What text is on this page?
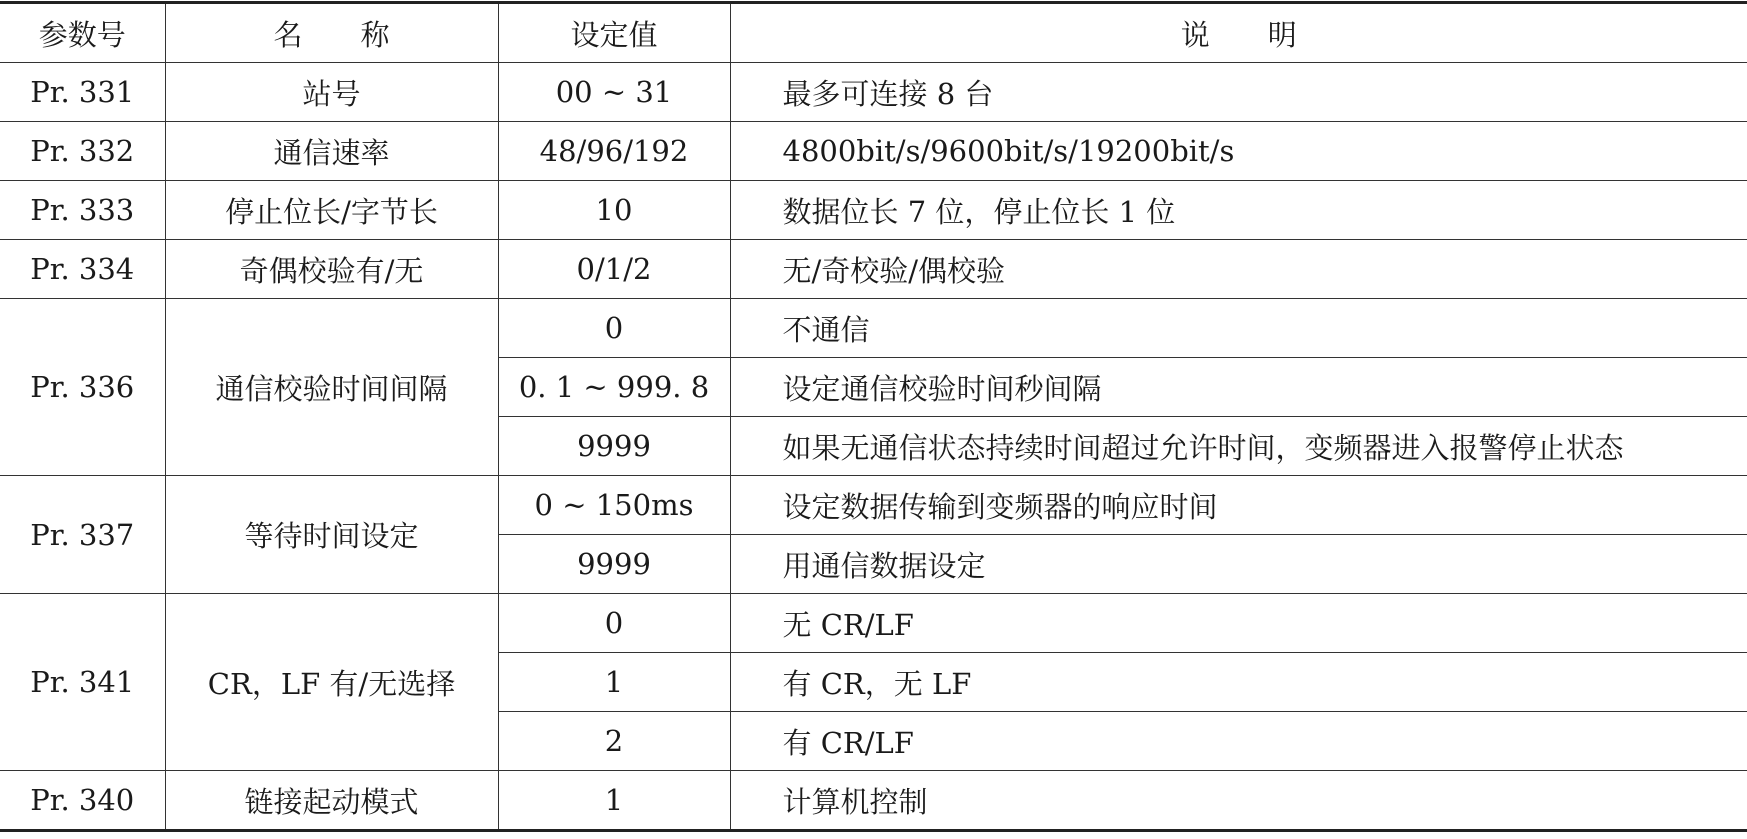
参数号	名　　称	设定值	说　　明
Pr. 331	站号	00 ~ 31	最多可连接 8 台
Pr. 332	通信速率	48/96/192	4800bit/s/9600bit/s/19200bit/s
Pr. 333	停止位长/字节长	10	数据位长 7 位，停止位长 1 位
Pr. 334	奇偶校验有/无	0/1/2	无/奇校验/偶校验
Pr. 336	通信校验时间间隔	0	不通信
		0. 1 ~ 999. 8	设定通信校验时间秒间隔
		9999	如果无通信状态持续时间超过允许时间，变频器进入报警停止状态
Pr. 337	等待时间设定	0 ~ 150ms	设定数据传输到变频器的响应时间
		9999	用通信数据设定
Pr. 341	CR，LF 有/无选择	0	无 CR/LF
		1	有 CR，无 LF
		2	有 CR/LF
Pr. 340	链接起动模式	1	计算机控制
